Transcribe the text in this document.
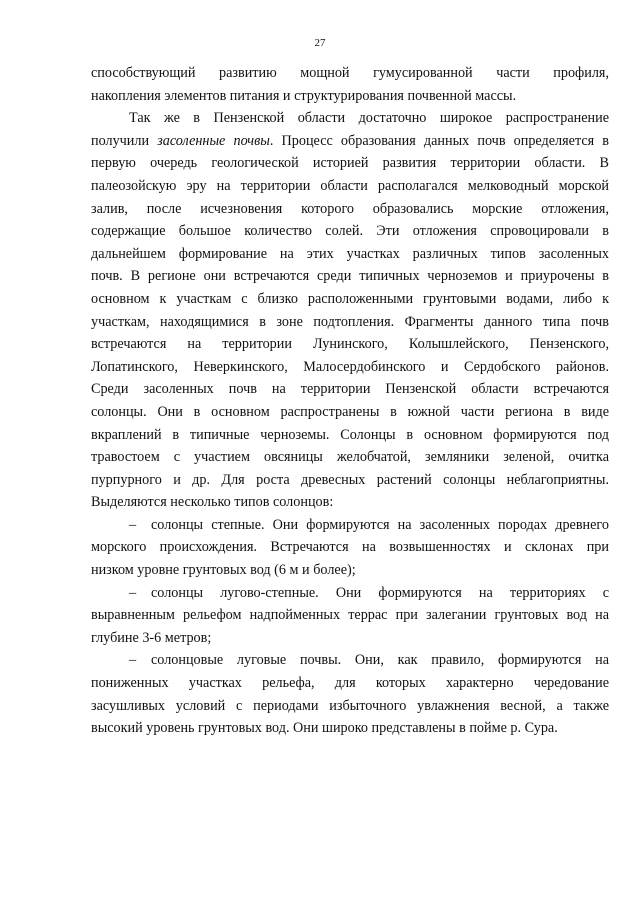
27

способствующий развитию мощной гумусированной части профиля,

накопления элементов питания и структурирования почвенной массы.

Так же в Пензенской области достаточно широкое распространение

получили засоленные почвы. Процесс образования данных почв определяется в

первую очередь геологической историей развития территории области. В

палеозойскую эру на территории области располагался мелководный морской

залив, после исчезновения которого образовались морские отложения,

содержащие большое количество солей. Эти отложения спровоцировали в

дальнейшем формирование на этих участках различных типов засоленных

почв. В регионе они встречаются среди типичных черноземов и приурочены в

основном к участкам с близко расположенными грунтовыми водами, либо к

участкам, находящимися в зоне подтопления. Фрагменты данного типа почв

встречаются на территории Лунинского, Колышлейского, Пензенского,

Лопатинского, Неверкинского, Малосердобинского и Сердобского районов.

Среди засоленных почв на территории Пензенской области встречаются

солонцы. Они в основном распространены в южной части региона в виде

вкраплений в типичные черноземы. Солонцы в основном формируются под

травостоем с участием овсяницы желобчатой, земляники зеленой, очитка

пурпурного и др. Для роста древесных растений солонцы неблагоприятны.

Выделяются несколько типов солонцов:

– солонцы степные. Они формируются на засоленных породах древнего

морского происхождения. Встречаются на возвышенностях и склонах при

низком уровне грунтовых вод (6 м и более);

– солонцы лугово-степные. Они формируются на территориях с

выравненным рельефом надпойменных террас при залегании грунтовых вод на

глубине 3-6 метров;

– солонцовые луговые почвы. Они, как правило, формируются на

пониженных участках рельефа, для которых характерно чередование

засушливых условий с периодами избыточного увлажнения весной, а также

высокий уровень грунтовых вод. Они широко представлены в пойме р. Сура.
